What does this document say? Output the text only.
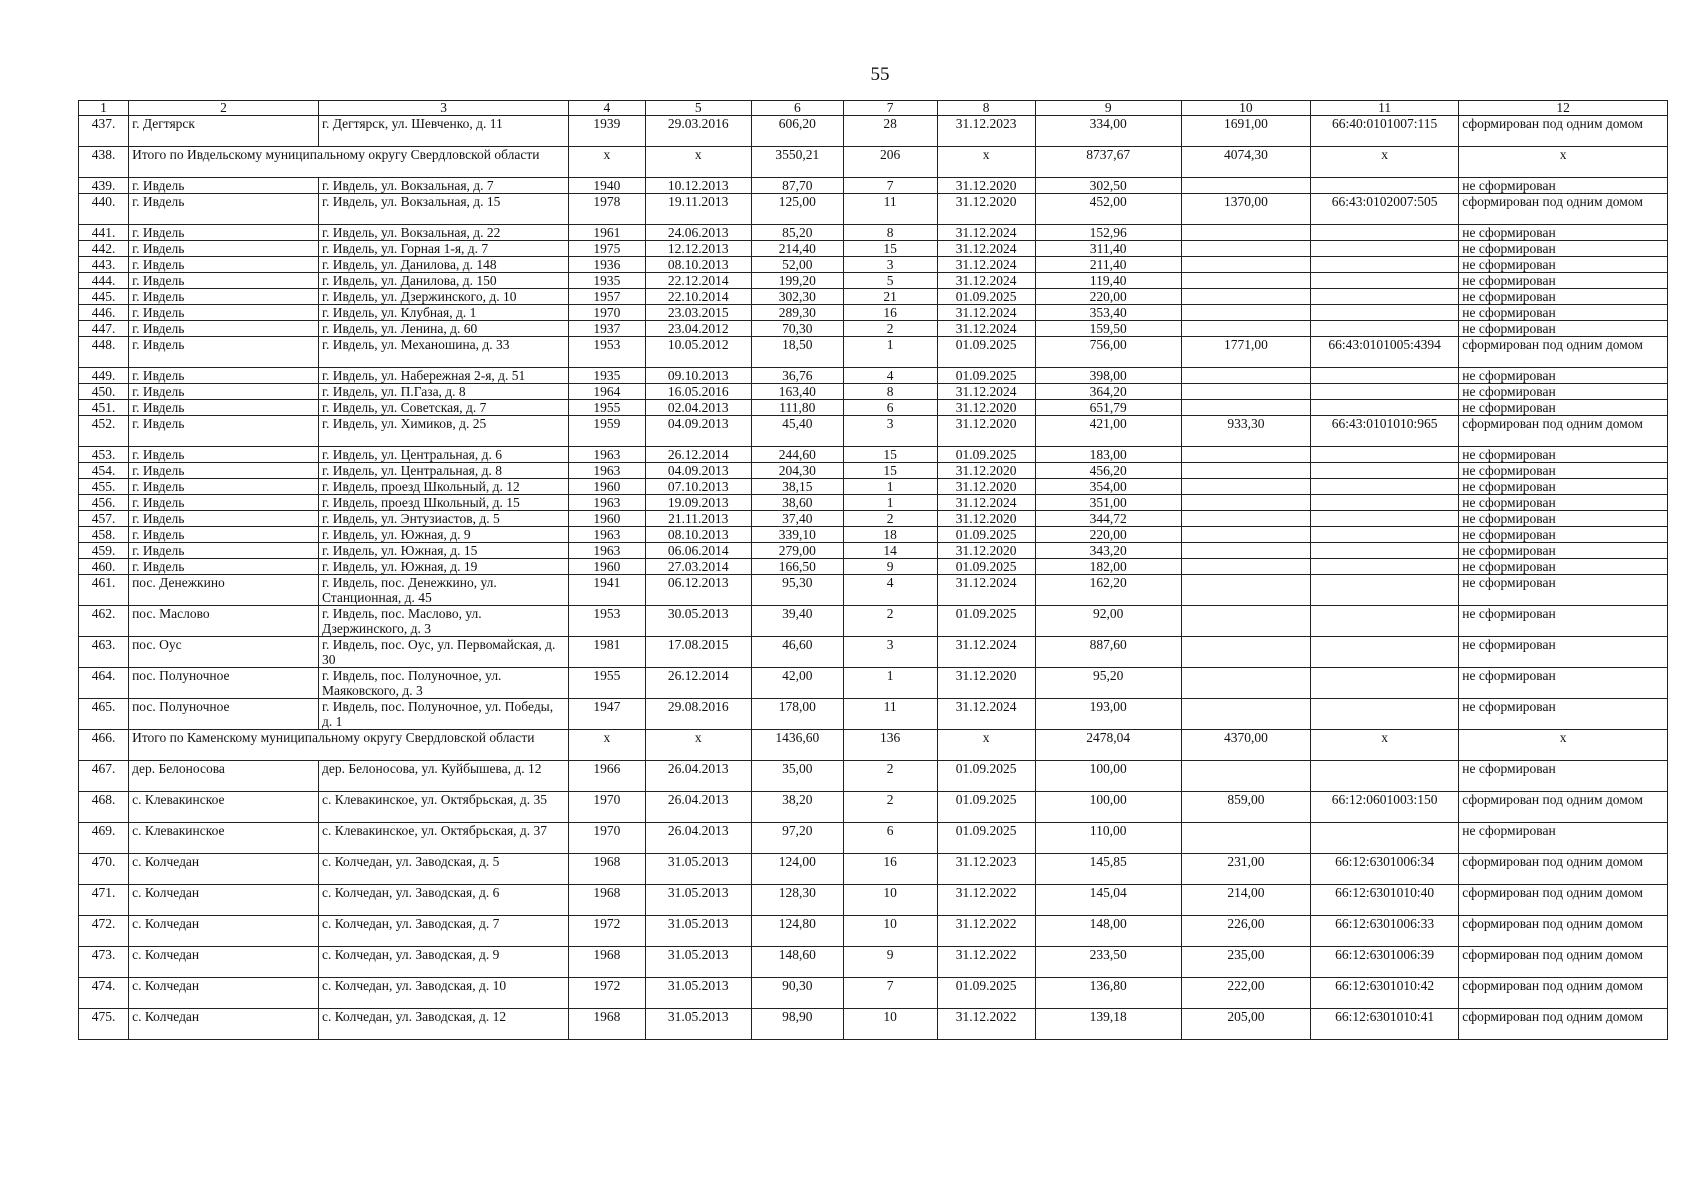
55
1	2	3	4	5	6	7	8	9	10	11	12
437.	г. Дегтярск	г. Дегтярск, ул. Шевченко, д. 11	1939	29.03.2016	606,20	28	31.12.2023	334,00	1691,00	66:40:0101007:115	сформирован под одним домом
438.	Итого по Ивдельскому муниципальному округу Свердловской области		x	x	3550,21	206	x	8737,67	4074,30	x	x
439.	г. Ивдель	г. Ивдель, ул. Вокзальная, д. 7	1940	10.12.2013	87,70	7	31.12.2020	302,50			не сформирован
440.	г. Ивдель	г. Ивдель, ул. Вокзальная, д. 15	1978	19.11.2013	125,00	11	31.12.2020	452,00	1370,00	66:43:0102007:505	сформирован под одним домом
441.	г. Ивдель	г. Ивдель, ул. Вокзальная, д. 22	1961	24.06.2013	85,20	8	31.12.2024	152,96			не сформирован
442.	г. Ивдель	г. Ивдель, ул. Горная 1-я, д. 7	1975	12.12.2013	214,40	15	31.12.2024	311,40			не сформирован
443.	г. Ивдель	г. Ивдель, ул. Данилова, д. 148	1936	08.10.2013	52,00	3	31.12.2024	211,40			не сформирован
444.	г. Ивдель	г. Ивдель, ул. Данилова, д. 150	1935	22.12.2014	199,20	5	31.12.2024	119,40			не сформирован
445.	г. Ивдель	г. Ивдель, ул. Дзержинского, д. 10	1957	22.10.2014	302,30	21	01.09.2025	220,00			не сформирован
446.	г. Ивдель	г. Ивдель, ул. Клубная, д. 1	1970	23.03.2015	289,30	16	31.12.2024	353,40			не сформирован
447.	г. Ивдель	г. Ивдель, ул. Ленина, д. 60	1937	23.04.2012	70,30	2	31.12.2024	159,50			не сформирован
448.	г. Ивдель	г. Ивдель, ул. Механошина, д. 33	1953	10.05.2012	18,50	1	01.09.2025	756,00	1771,00	66:43:0101005:4394	сформирован под одним домом
449.	г. Ивдель	г. Ивдель, ул. Набережная 2-я, д. 51	1935	09.10.2013	36,76	4	01.09.2025	398,00			не сформирован
450.	г. Ивдель	г. Ивдель, ул. П.Газа, д. 8	1964	16.05.2016	163,40	8	31.12.2024	364,20			не сформирован
451.	г. Ивдель	г. Ивдель, ул. Советская, д. 7	1955	02.04.2013	111,80	6	31.12.2020	651,79			не сформирован
452.	г. Ивдель	г. Ивдель, ул. Химиков, д. 25	1959	04.09.2013	45,40	3	31.12.2020	421,00	933,30	66:43:0101010:965	сформирован под одним домом
453.	г. Ивдель	г. Ивдель, ул. Центральная, д. 6	1963	26.12.2014	244,60	15	01.09.2025	183,00			не сформирован
454.	г. Ивдель	г. Ивдель, ул. Центральная, д. 8	1963	04.09.2013	204,30	15	31.12.2020	456,20			не сформирован
455.	г. Ивдель	г. Ивдель, проезд Школьный, д. 12	1960	07.10.2013	38,15	1	31.12.2020	354,00			не сформирован
456.	г. Ивдель	г. Ивдель, проезд Школьный, д. 15	1963	19.09.2013	38,60	1	31.12.2024	351,00			не сформирован
457.	г. Ивдель	г. Ивдель, ул. Энтузиастов, д. 5	1960	21.11.2013	37,40	2	31.12.2020	344,72			не сформирован
458.	г. Ивдель	г. Ивдель, ул. Южная, д. 9	1963	08.10.2013	339,10	18	01.09.2025	220,00			не сформирован
459.	г. Ивдель	г. Ивдель, ул. Южная, д. 15	1963	06.06.2014	279,00	14	31.12.2020	343,20			не сформирован
460.	г. Ивдель	г. Ивдель, ул. Южная, д. 19	1960	27.03.2014	166,50	9	01.09.2025	182,00			не сформирован
461.	пос. Денежкино	г. Ивдель, пос. Денежкино, ул. Станционная, д. 45	1941	06.12.2013	95,30	4	31.12.2024	162,20			не сформирован
462.	пос. Маслово	г. Ивдель, пос. Маслово, ул. Дзержинского, д. 3	1953	30.05.2013	39,40	2	01.09.2025	92,00			не сформирован
463.	пос. Оус	г. Ивдель, пос. Оус, ул. Первомайская, д. 30	1981	17.08.2015	46,60	3	31.12.2024	887,60			не сформирован
464.	пос. Полуночное	г. Ивдель, пос. Полуночное, ул. Маяковского, д. 3	1955	26.12.2014	42,00	1	31.12.2020	95,20			не сформирован
465.	пос. Полуночное	г. Ивдель, пос. Полуночное, ул. Победы, д. 1	1947	29.08.2016	178,00	11	31.12.2024	193,00			не сформирован
466.	Итого по Каменскому муниципальному округу Свердловской области		x	x	1436,60	136	x	2478,04	4370,00	x	x
467.	дер. Белоносова	дер. Белоносова, ул. Куйбышева, д. 12	1966	26.04.2013	35,00	2	01.09.2025	100,00			не сформирован
468.	с. Клевакинское	с. Клевакинское, ул. Октябрьская, д. 35	1970	26.04.2013	38,20	2	01.09.2025	100,00	859,00	66:12:0601003:150	сформирован под одним домом
469.	с. Клевакинское	с. Клевакинское, ул. Октябрьская, д. 37	1970	26.04.2013	97,20	6	01.09.2025	110,00			не сформирован
470.	с. Колчедан	с. Колчедан, ул. Заводская, д. 5	1968	31.05.2013	124,00	16	31.12.2023	145,85	231,00	66:12:6301006:34	сформирован под одним домом
471.	с. Колчедан	с. Колчедан, ул. Заводская, д. 6	1968	31.05.2013	128,30	10	31.12.2022	145,04	214,00	66:12:6301010:40	сформирован под одним домом
472.	с. Колчедан	с. Колчедан, ул. Заводская, д. 7	1972	31.05.2013	124,80	10	31.12.2022	148,00	226,00	66:12:6301006:33	сформирован под одним домом
473.	с. Колчедан	с. Колчедан, ул. Заводская, д. 9	1968	31.05.2013	148,60	9	31.12.2022	233,50	235,00	66:12:6301006:39	сформирован под одним домом
474.	с. Колчедан	с. Колчедан, ул. Заводская, д. 10	1972	31.05.2013	90,30	7	01.09.2025	136,80	222,00	66:12:6301010:42	сформирован под одним домом
475.	с. Колчедан	с. Колчедан, ул. Заводская, д. 12	1968	31.05.2013	98,90	10	31.12.2022	139,18	205,00	66:12:6301010:41	сформирован под одним домом
